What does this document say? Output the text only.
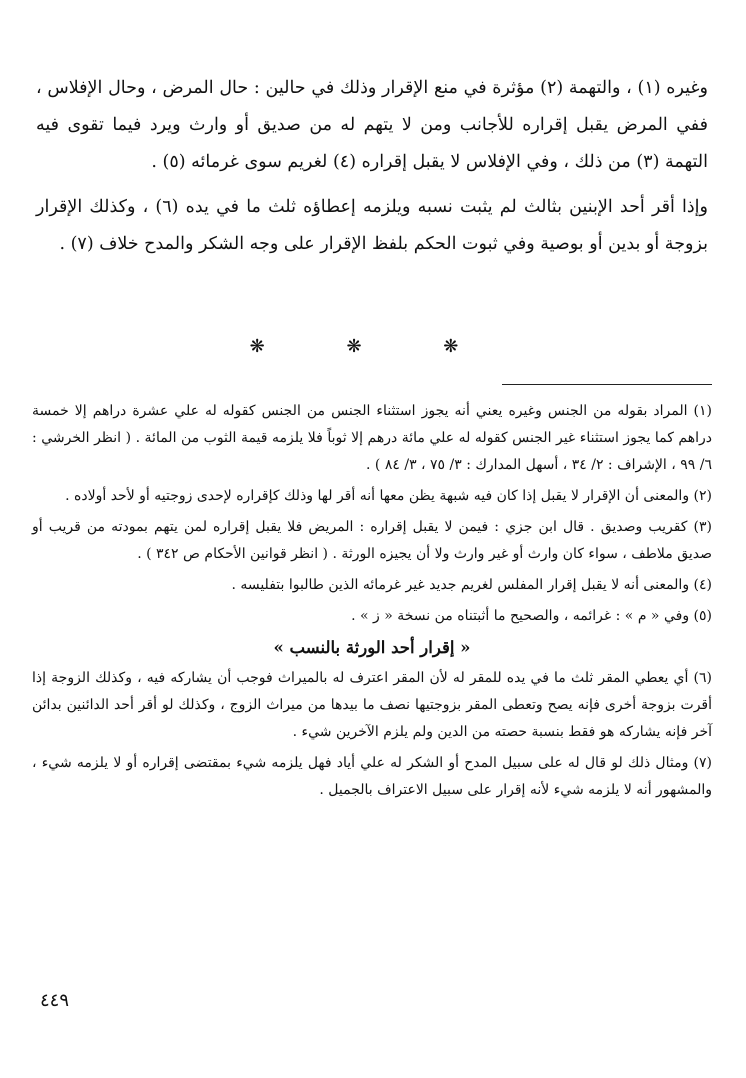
وغيره (١) ، والتهمة (٢) مؤثرة في منع الإقرار وذلك في حالين : حال المرض ، وحال الإفلاس ، ففي المرض يقبل إقراره للأجانب ومن لا يتهم له من صديق أو وارث ويرد فيما تقوى فيه التهمة (٣) من ذلك ، وفي الإفلاس لا يقبل إقراره (٤) لغريم سوى غرمائه (٥) .

وإذا أقر أحد الإبنين بثالث لم يثبت نسبه ويلزمه إعطاؤه ثلث ما في يده (٦) ، وكذلك الإقرار بزوجة أو بدين أو بوصية وفي ثبوت الحكم بلفظ الإقرار على وجه الشكر والمدح خلاف (٧) .

❋ ❋ ❋

(١) المراد بقوله من الجنس وغيره يعني أنه يجوز استثناء الجنس من الجنس كقوله له علي عشرة دراهم إلا خمسة دراهم كما يجوز استثناء غير الجنس كقوله له علي مائة درهم إلا ثوباً فلا يلزمه قيمة الثوب من المائة . ( انظر الخرشي : ٦/ ٩٩ ، الإشراف : ٢/ ٣٤ ، أسهل المدارك : ٣/ ٧٥ ، ٣/ ٨٤ ) .

(٢) والمعنى أن الإقرار لا يقبل إذا كان فيه شبهة يظن معها أنه أقر لها وذلك كإقراره لإحدى زوجتيه أو لأحد أولاده .

(٣) كقريب وصديق . قال ابن جزي : فيمن لا يقبل إقراره : المريض فلا يقبل إقراره لمن يتهم بمودته من قريب أو صديق ملاطف ، سواء كان وارث أو غير وارث ولا أن يجيزه الورثة . ( انظر قوانين الأحكام ص ٣٤٢ ) .

(٤) والمعنى أنه لا يقبل إقرار المفلس لغريم جديد غير غرمائه الذين طالبوا بتفليسه .

(٥) وفي « م » : غرائمه ، والصحيح ما أثبتناه من نسخة « ز » .

« إقرار أحد الورثة بالنسب »

(٦) أي يعطي المقر ثلث ما في يده للمقر له لأن المقر اعترف له بالميراث فوجب أن يشاركه فيه ، وكذلك الزوجة إذا أقرت بزوجة أخرى فإنه يصح وتعطى المقر بزوجتيها نصف ما بيدها من ميراث الزوج ، وكذلك لو أقر أحد الدائنين بدائن آخر فإنه يشاركه هو فقط بنسبة حصته من الدين ولم يلزم الآخرين شيء .

(٧) ومثال ذلك لو قال له على سبيل المدح أو الشكر له علي أياد فهل يلزمه شيء بمقتضى إقراره أو لا يلزمه شيء ، والمشهور أنه لا يلزمه شيء لأنه إقرار على سبيل الاعتراف بالجميل .

٤٤٩
